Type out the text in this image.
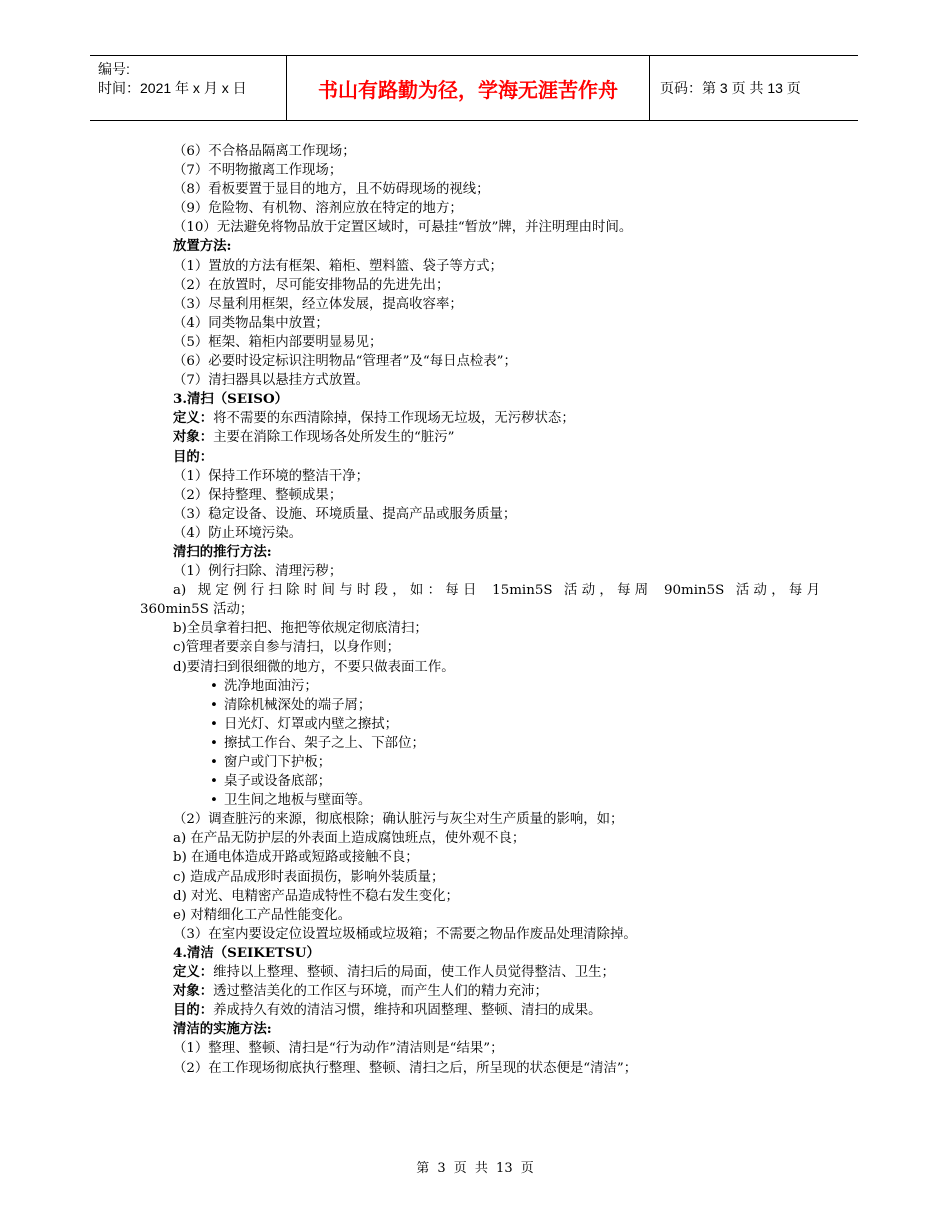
编号:
时间：2021 年 x 月 x 日	书山有路勤为径，学海无涯苦作舟	页码：第 3 页 共 13 页
（6）不合格品隔离工作现场；
（7）不明物撤离工作现场；
（8）看板要置于显目的地方，且不妨碍现场的视线；
（9）危险物、有机物、溶剂应放在特定的地方；
（10）无法避免将物品放于定置区域时，可悬挂“暂放”牌，并注明理由时间。
放置方法:
（1）置放的方法有框架、箱柜、塑料篮、袋子等方式；
（2）在放置时，尽可能安排物品的先进先出；
（3）尽量利用框架，经立体发展，提高收容率；
（4）同类物品集中放置；
（5）框架、箱柜内部要明显易见；
（6）必要时设定标识注明物品“管理者”及“每日点检表”；
（7）清扫器具以悬挂方式放置。
3.清扫（SEISO）
定义：将不需要的东西清除掉，保持工作现场无垃圾，无污秽状态；
对象：主要在消除工作现场各处所发生的“脏污”
目的：
（1）保持工作环境的整洁干净；
（2）保持整理、整顿成果；
（3）稳定设备、设施、环境质量、提高产品或服务质量；
（4）防止环境污染。
清扫的推行方法:
（1）例行扫除、清理污秽；
a) 规定例行扫除时间与时段，如：每日 15min5S 活动，每周 90min5S 活动，每月
360min5S 活动；
b)全员拿着扫把、拖把等依规定彻底清扫；
c)管理者要亲自参与清扫，以身作则；
d)要清扫到很细微的地方，不要只做表面工作。
• 洗净地面油污；
• 清除机械深处的端子屑；
• 日光灯、灯罩或内壁之擦拭；
• 擦拭工作台、架子之上、下部位；
• 窗户或门下护板；
• 桌子或设备底部；
• 卫生间之地板与壁面等。
（2）调查脏污的来源，彻底根除；确认脏污与灰尘对生产质量的影响，如；
a) 在产品无防护层的外表面上造成腐蚀班点，使外观不良；
b) 在通电体造成开路或短路或接触不良；
c) 造成产品成形时表面损伤，影响外装质量；
d) 对光、电精密产品造成特性不稳右发生变化；
e) 对精细化工产品性能变化。
（3）在室内要设定位设置垃圾桶或垃圾箱；不需要之物品作废品处理清除掉。
4.清洁（SEIKETSU）
定义：维持以上整理、整顿、清扫后的局面，使工作人员觉得整洁、卫生；
对象：透过整洁美化的工作区与环境，而产生人们的精力充沛；
目的：养成持久有效的清洁习惯，维持和巩固整理、整顿、清扫的成果。
清洁的实施方法:
（1）整理、整顿、清扫是“行为动作”清洁则是“结果”；
（2）在工作现场彻底执行整理、整顿、清扫之后，所呈现的状态便是“清洁”；
第 3 页 共 13 页
